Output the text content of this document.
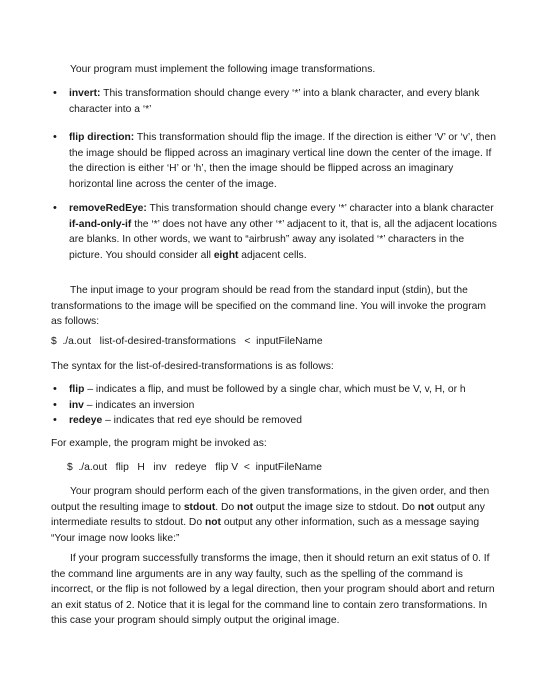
Your program must implement the following image transformations.

• invert: This transformation should change every ‘*’ into a blank character, and every blank character into a ‘*’
• flip direction: This transformation should flip the image. If the direction is either ‘V’ or ‘v’, then the image should be flipped across an imaginary vertical line down the center of the image. If the direction is either ‘H’ or ‘h’, then the image should be flipped across an imaginary horizontal line across the center of the image.
• removeRedEye: This transformation should change every ‘*’ character into a blank character if-and-only-if the ‘*’ does not have any other ‘*’ adjacent to it, that is, all the adjacent locations are blanks. In other words, we want to “airbrush” away any isolated ‘*’ characters in the picture. You should consider all eight adjacent cells.

The input image to your program should be read from the standard input (stdin), but the transformations to the image will be specified on the command line. You will invoke the program as follows:

$  ./a.out   list-of-desired-transformations   <  inputFileName

The syntax for the list-of-desired-transformations is as follows:

• flip – indicates a flip, and must be followed by a single char, which must be V, v, H, or h
• inv – indicates an inversion
• redeye – indicates that red eye should be removed

For example, the program might be invoked as:

$  ./a.out   flip   H   inv   redeye   flip V  <  inputFileName

Your program should perform each of the given transformations, in the given order, and then output the resulting image to stdout. Do not output the image size to stdout. Do not output any intermediate results to stdout. Do not output any other information, such as a message saying “Your image now looks like:”

If your program successfully transforms the image, then it should return an exit status of 0. If the command line arguments are in any way faulty, such as the spelling of the command is incorrect, or the flip is not followed by a legal direction, then your program should abort and return an exit status of 2. Notice that it is legal for the command line to contain zero transformations. In this case your program should simply output the original image.
